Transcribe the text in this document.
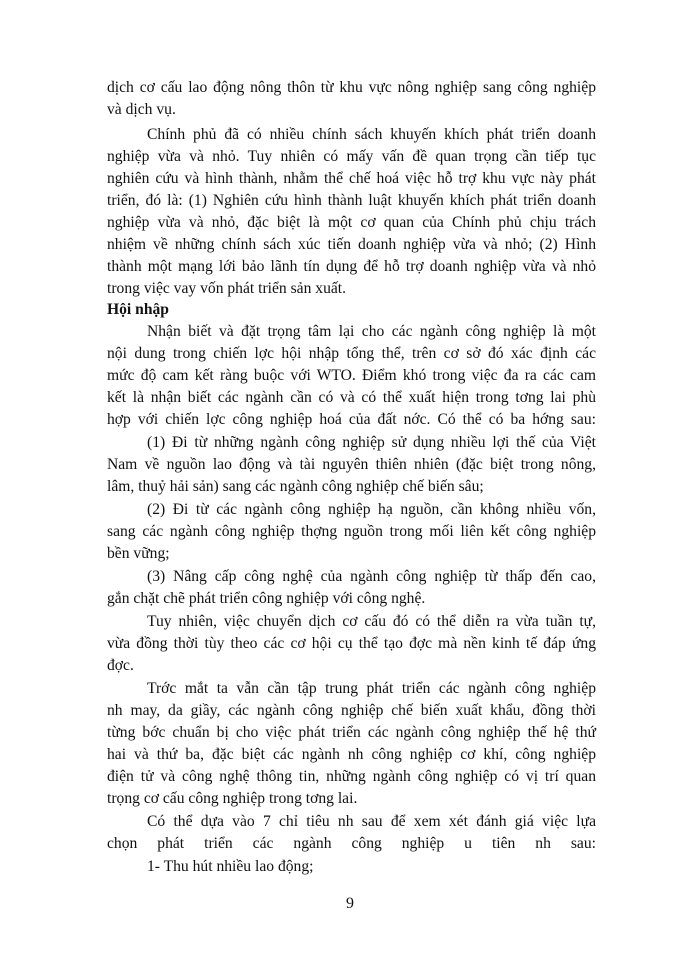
dịch cơ cấu lao động nông thôn từ khu vực nông nghiệp sang công nghiệp
và dịch vụ.
Chính phủ đã có nhiều chính sách khuyến khích phát triển doanh
nghiệp vừa và nhỏ. Tuy nhiên có mấy vấn đề quan trọng cần tiếp tục
nghiên cứu và hình thành, nhằm thể chế hoá việc hỗ trợ khu vực này phát
triển, đó là: (1) Nghiên cứu hình thành luật khuyến khích phát triển doanh
nghiệp vừa và nhỏ, đặc biệt là một cơ quan của Chính phủ chịu trách
nhiệm về những chính sách xúc tiến doanh nghiệp vừa và nhỏ; (2) Hình
thành một mạng lới bảo lãnh tín dụng để hỗ trợ doanh nghiệp vừa và nhỏ
trong việc vay vốn phát triển sản xuất.
Hội nhập
Nhận biết và đặt trọng tâm lại cho các ngành công nghiệp là một
nội dung trong chiến lợc hội nhập tổng thể, trên cơ sở đó xác định các
mức độ cam kết ràng buộc với WTO. Điểm khó trong việc đa ra các cam
kết là nhận biết các ngành cần có và có thể xuất hiện trong tơng lai phù
hợp với chiến lợc công nghiệp hoá của đất nớc. Có thể có ba hớng sau:
(1) Đi từ những ngành công nghiệp sử dụng nhiều lợi thế của Việt
Nam về nguồn lao động và tài nguyên thiên nhiên (đặc biệt trong nông,
lâm, thuỷ hải sản) sang các ngành công nghiệp chế biến sâu;
(2) Đi từ các ngành công nghiệp hạ nguồn, cần không nhiều vốn,
sang các ngành công nghiệp thợng nguồn trong mối liên kết công nghiệp
bền vững;
(3) Nâng cấp công nghệ của ngành công nghiệp từ thấp đến cao,
gắn chặt chẽ phát triển công nghiệp với công nghệ.
Tuy nhiên, việc chuyển dịch cơ cấu đó có thể diễn ra vừa tuần tự,
vừa đồng thời tùy theo các cơ hội cụ thể tạo đợc mà nền kinh tế đáp ứng
đợc.
Trớc mắt ta vẫn cần tập trung phát triển các ngành công nghiệp
nh may, da giầy, các ngành công nghiệp chế biến xuất khẩu, đồng thời
từng bớc chuẩn bị cho việc phát triển các ngành công nghiệp thế hệ thứ
hai và thứ ba, đặc biệt các ngành nh công nghiệp cơ khí, công nghiệp
điện tử và công nghệ thông tin, những ngành công nghiệp có vị trí quan
trọng cơ cấu công nghiệp trong tơng lai.
Có thể dựa vào 7 chỉ tiêu nh sau để xem xét đánh giá việc lựa
chọn phát triển các ngành công nghiệp u tiên nh sau:
1- Thu hút nhiều lao động;
9
